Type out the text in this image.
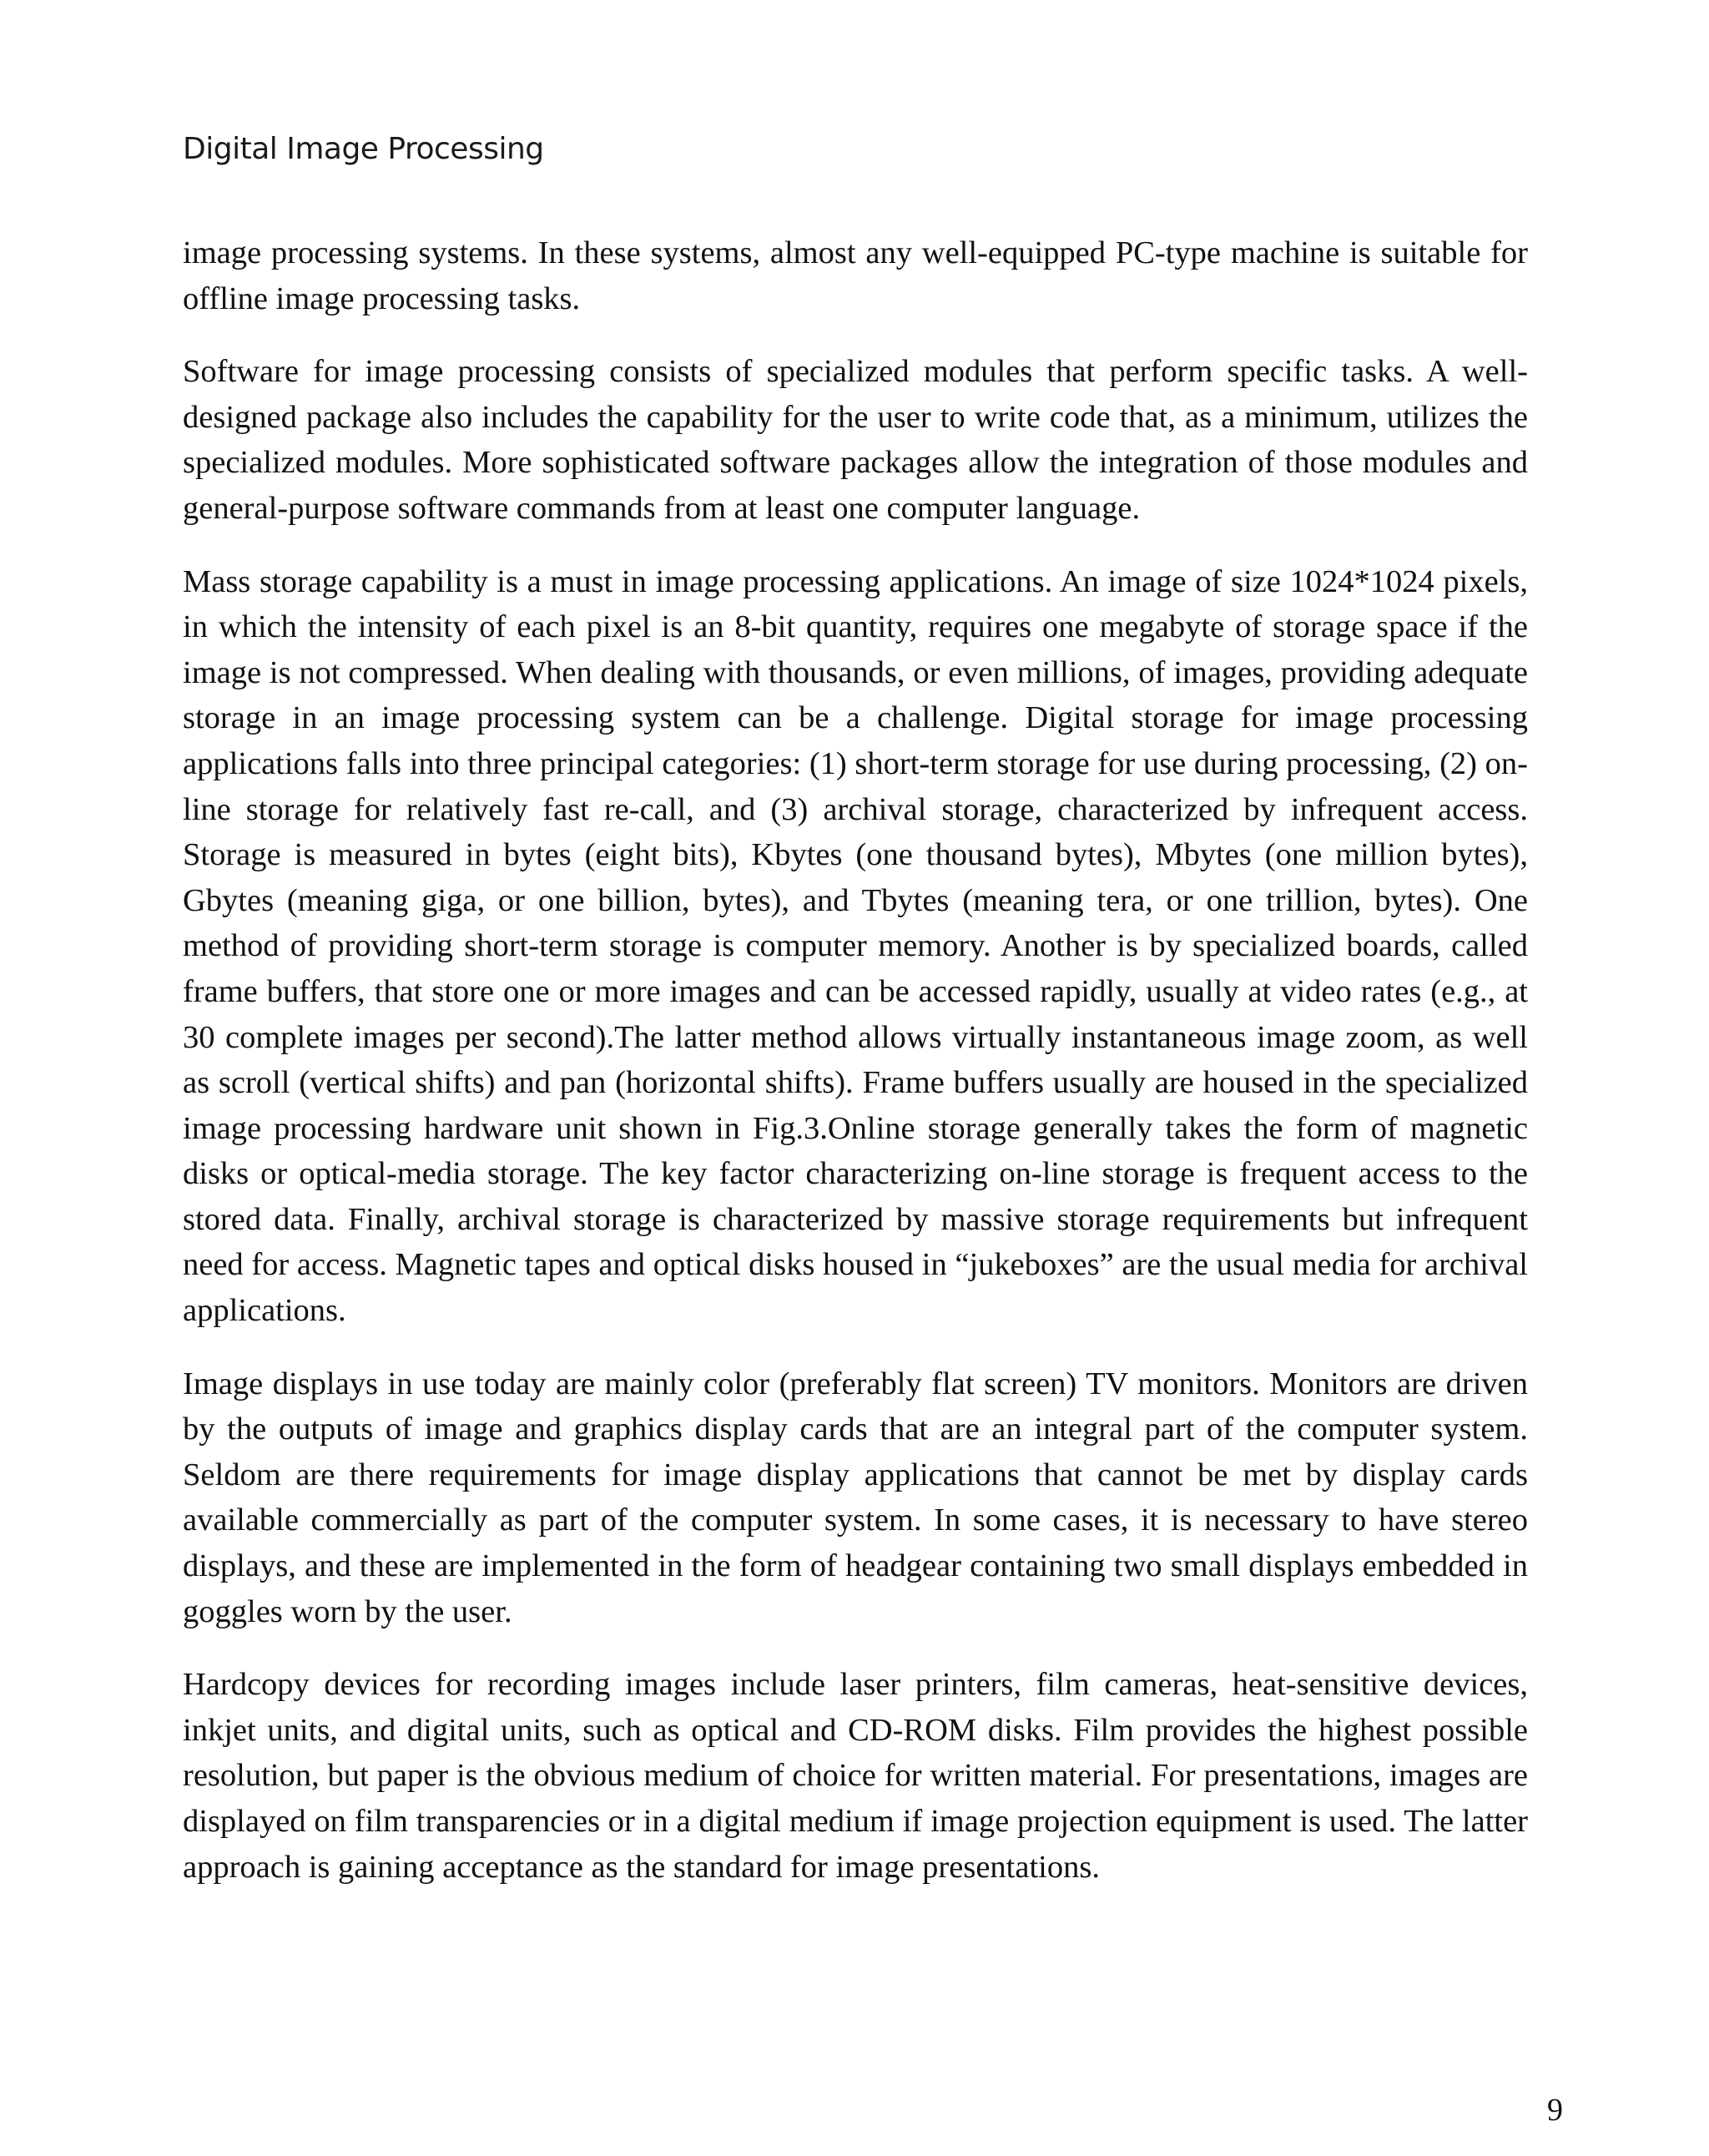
Digital Image Processing

image processing systems. In these systems, almost any well-equipped PC-type machine is suitable for offline image processing tasks.

Software for image processing consists of specialized modules that perform specific tasks. A well-designed package also includes the capability for the user to write code that, as a minimum, utilizes the specialized modules. More sophisticated software packages allow the integration of those modules and general-purpose software commands from at least one computer language.

Mass storage capability is a must in image processing applications. An image of size 1024*1024 pixels, in which the intensity of each pixel is an 8-bit quantity, requires one megabyte of storage space if the image is not compressed. When dealing with thousands, or even millions, of images, providing adequate storage in an image processing system can be a challenge. Digital storage for image processing applications falls into three principal categories: (1) short-term storage for use during processing, (2) on-line storage for relatively fast re-call, and (3) archival storage, characterized by infrequent access. Storage is measured in bytes (eight bits), Kbytes (one thousand bytes), Mbytes (one million bytes), Gbytes (meaning giga, or one billion, bytes), and Tbytes (meaning tera, or one trillion, bytes). One method of providing short-term storage is computer memory. Another is by specialized boards, called frame buffers, that store one or more images and can be accessed rapidly, usually at video rates (e.g., at 30 complete images per second).The latter method allows virtually instantaneous image zoom, as well as scroll (vertical shifts) and pan (horizontal shifts). Frame buffers usually are housed in the specialized image processing hardware unit shown in Fig.3.Online storage generally takes the form of magnetic disks or optical-media storage. The key factor characterizing on-line storage is frequent access to the stored data. Finally, archival storage is characterized by massive storage requirements but infrequent need for access. Magnetic tapes and optical disks housed in “jukeboxes” are the usual media for archival applications.

Image displays in use today are mainly color (preferably flat screen) TV monitors. Monitors are driven by the outputs of image and graphics display cards that are an integral part of the computer system. Seldom are there requirements for image display applications that cannot be met by display cards available commercially as part of the computer system. In some cases, it is necessary to have stereo displays, and these are implemented in the form of headgear containing two small displays embedded in goggles worn by the user.

Hardcopy devices for recording images include laser printers, film cameras, heat-sensitive devices, inkjet units, and digital units, such as optical and CD-ROM disks. Film provides the highest possible resolution, but paper is the obvious medium of choice for written material. For presentations, images are displayed on film transparencies or in a digital medium if image projection equipment is used. The latter approach is gaining acceptance as the standard for image presentations.

9
